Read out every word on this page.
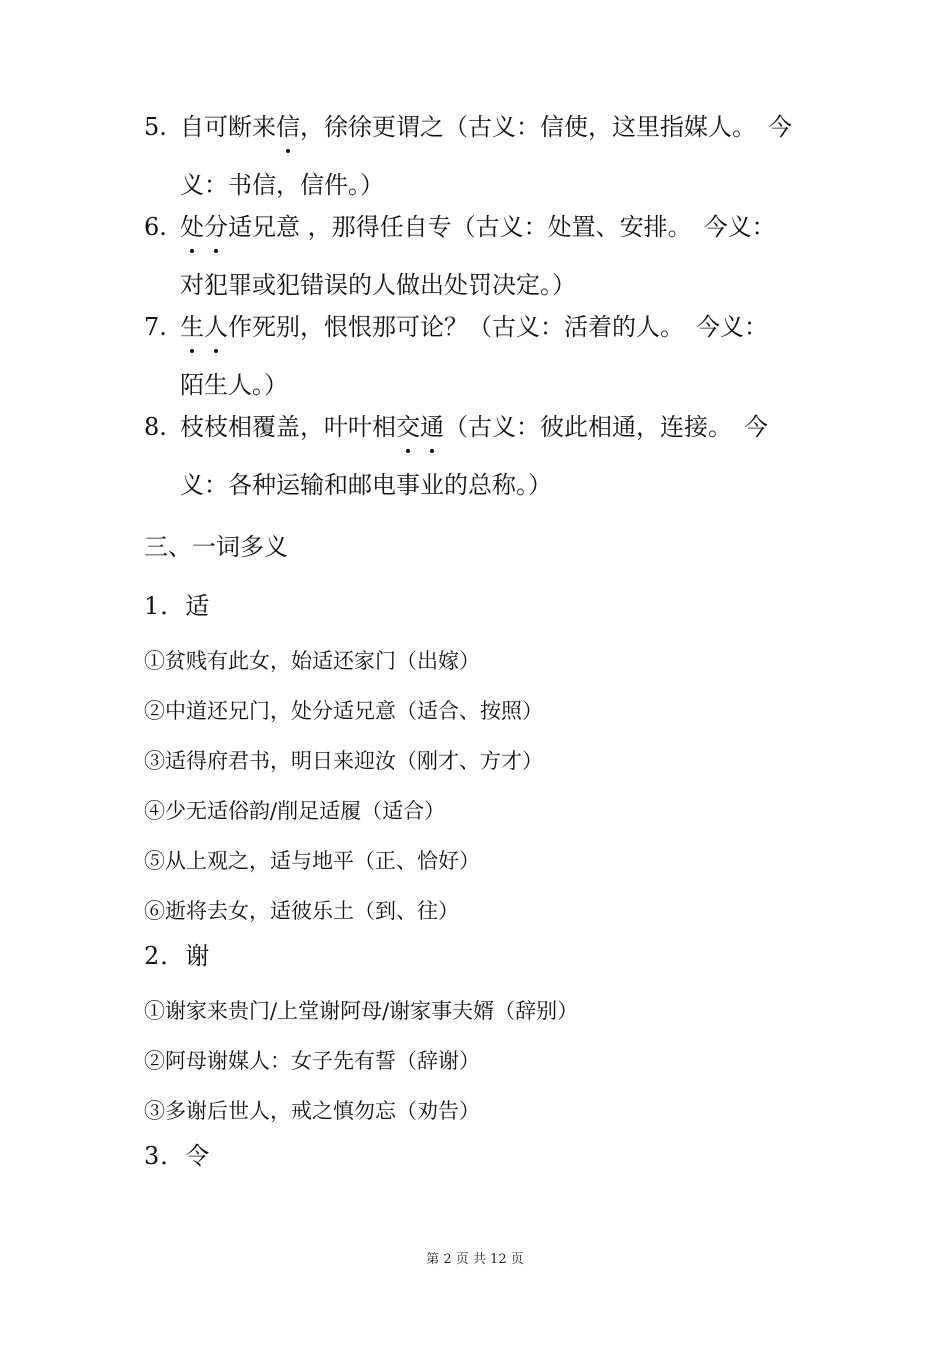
5. 自可断来信，徐徐更谓之（古义：信使，这里指媒人。　今
义：书信，信件。）
6. 处分适兄意 ，那得任自专（古义：处置、安排。　今义：
对犯罪或犯错误的人做出处罚决定。）
7. 生人作死别，恨恨那可论？（古义：活着的人。　今义：
陌生人。）
8. 枝枝相覆盖，叶叶相交通（古义：彼此相通，连接。　今
义：各种运输和邮电事业的总称。）
三、一词多义
1．适
①贫贱有此女，始适还家门（出嫁）
②中道还兄门，处分适兄意（适合、按照）
③适得府君书，明日来迎汝（刚才、方才）
④少无适俗韵/削足适履（适合）
⑤从上观之，适与地平（正、恰好）
⑥逝将去女，适彼乐土（到、往）
2．谢
①谢家来贵门/上堂谢阿母/谢家事夫婿（辞别）
②阿母谢媒人：女子先有誓（辞谢）
③多谢后世人，戒之慎勿忘（劝告）
3．令
第 2 页 共 12 页
